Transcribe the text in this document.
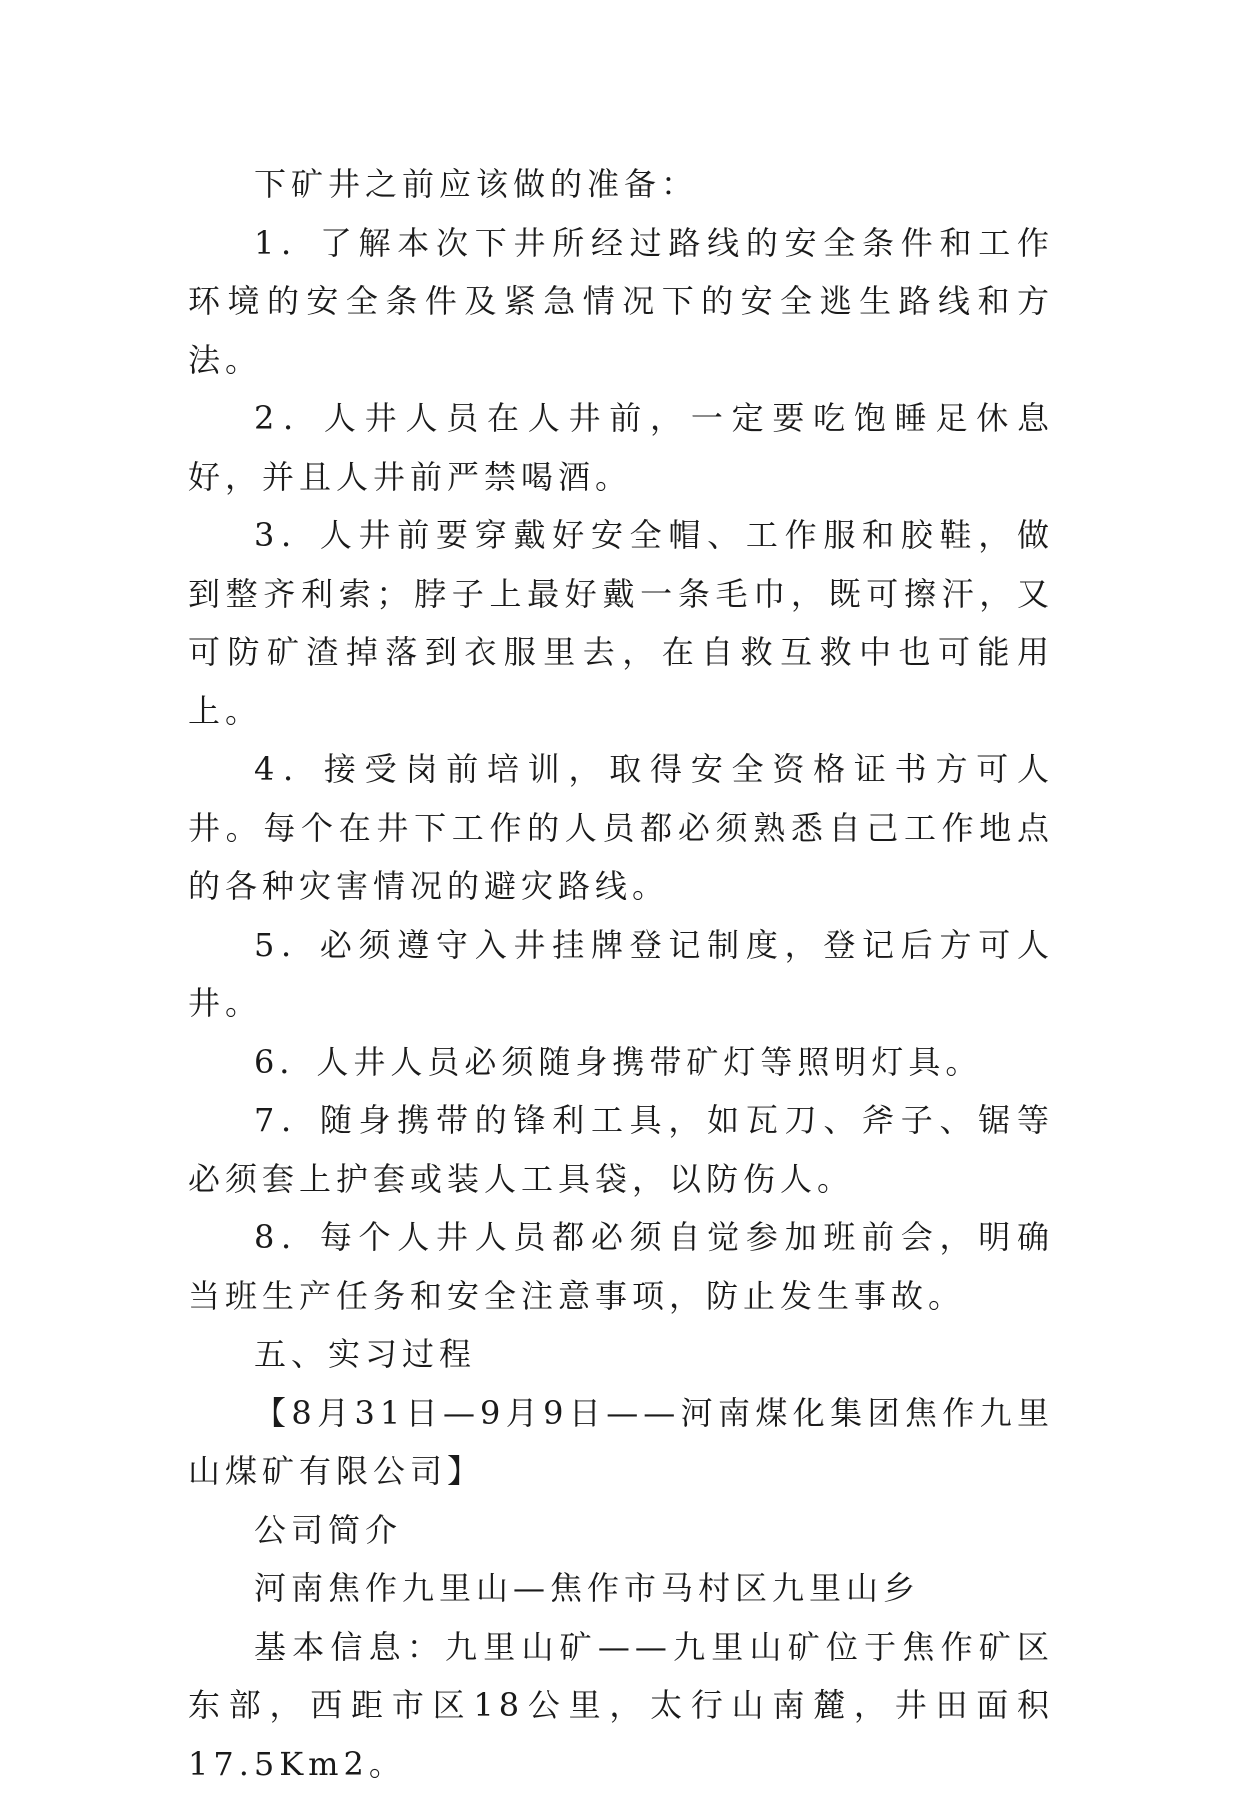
下矿井之前应该做的准备：

1．了解本次下井所经过路线的安全条件和工作环境的安全条件及紧急情况下的安全逃生路线和方法。

2．人井人员在人井前，一定要吃饱睡足休息好，并且人井前严禁喝酒。

3．人井前要穿戴好安全帽、工作服和胶鞋，做到整齐利索；脖子上最好戴一条毛巾，既可擦汗，又可防矿渣掉落到衣服里去，在自救互救中也可能用上。

4．接受岗前培训，取得安全资格证书方可人井。每个在井下工作的人员都必须熟悉自己工作地点的各种灾害情况的避灾路线。

5．必须遵守入井挂牌登记制度，登记后方可人井。

6．人井人员必须随身携带矿灯等照明灯具。

7．随身携带的锋利工具，如瓦刀、斧子、锯等必须套上护套或装人工具袋，以防伤人。

8．每个人井人员都必须自觉参加班前会，明确当班生产任务和安全注意事项，防止发生事故。

五、实习过程

【8月31日—9月9日——河南煤化集团焦作九里山煤矿有限公司】

公司简介

河南焦作九里山—焦作市马村区九里山乡

基本信息：九里山矿——九里山矿位于焦作矿区东部，西距市区18公里，太行山南麓，井田面积17.5Km2。
